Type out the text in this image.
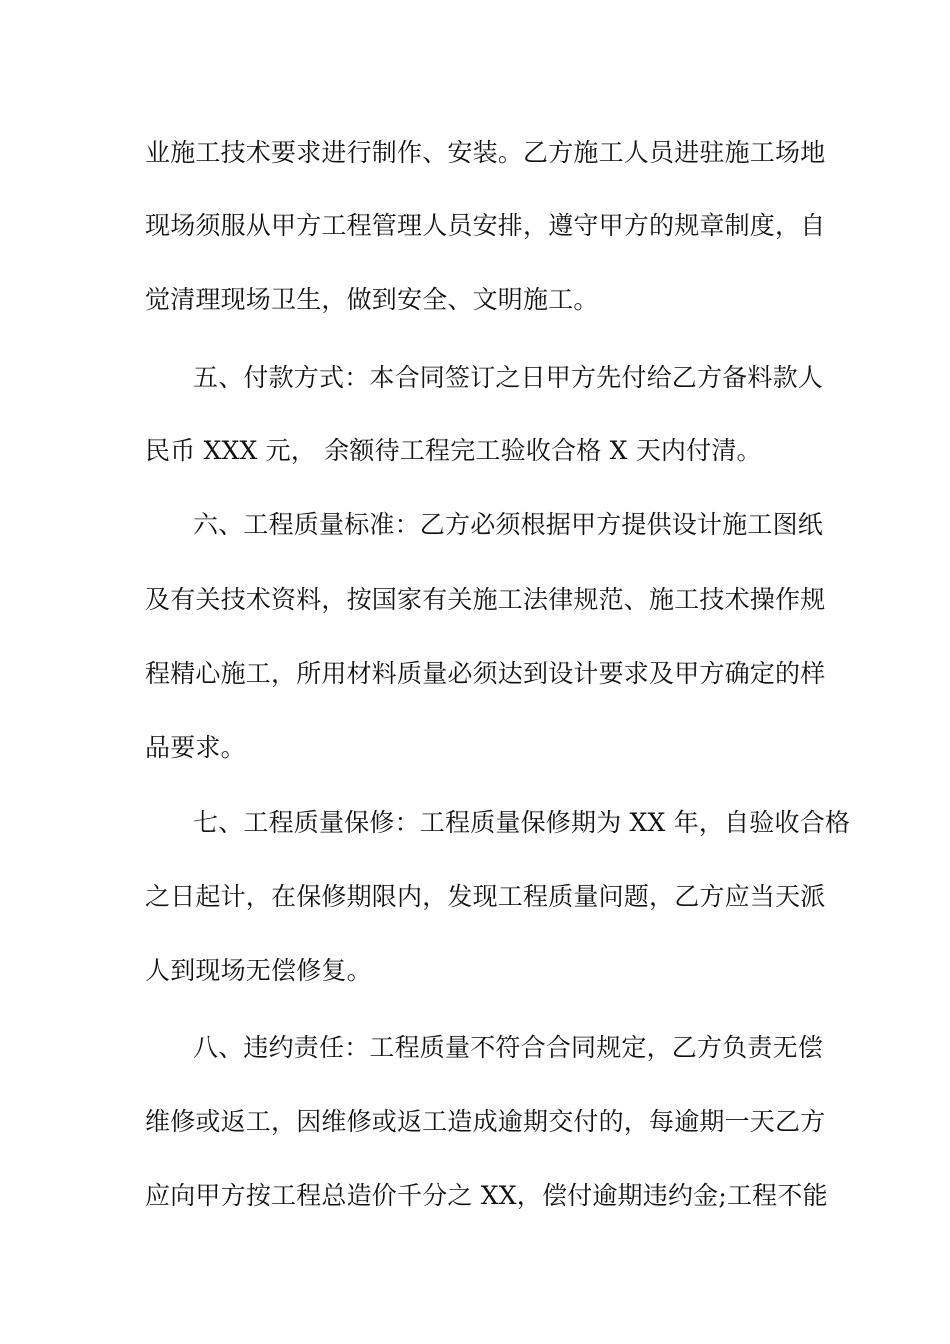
业施工技术要求进行制作、安装。乙方施工人员进驻施工场地
现场须服从甲方工程管理人员安排，遵守甲方的规章制度，自
觉清理现场卫生，做到安全、文明施工。
五、付款方式：本合同签订之日甲方先付给乙方备料款人
民币 XXX 元， 余额待工程完工验收合格 X 天内付清。
六、工程质量标准：乙方必须根据甲方提供设计施工图纸
及有关技术资料，按国家有关施工法律规范、施工技术操作规
程精心施工，所用材料质量必须达到设计要求及甲方确定的样
品要求。
七、工程质量保修：工程质量保修期为 XX 年，自验收合格
之日起计，在保修期限内，发现工程质量问题，乙方应当天派
人到现场无偿修复。
八、违约责任：工程质量不符合合同规定，乙方负责无偿
维修或返工，因维修或返工造成逾期交付的，每逾期一天乙方
应向甲方按工程总造价千分之 XX，偿付逾期违约金;工程不能
